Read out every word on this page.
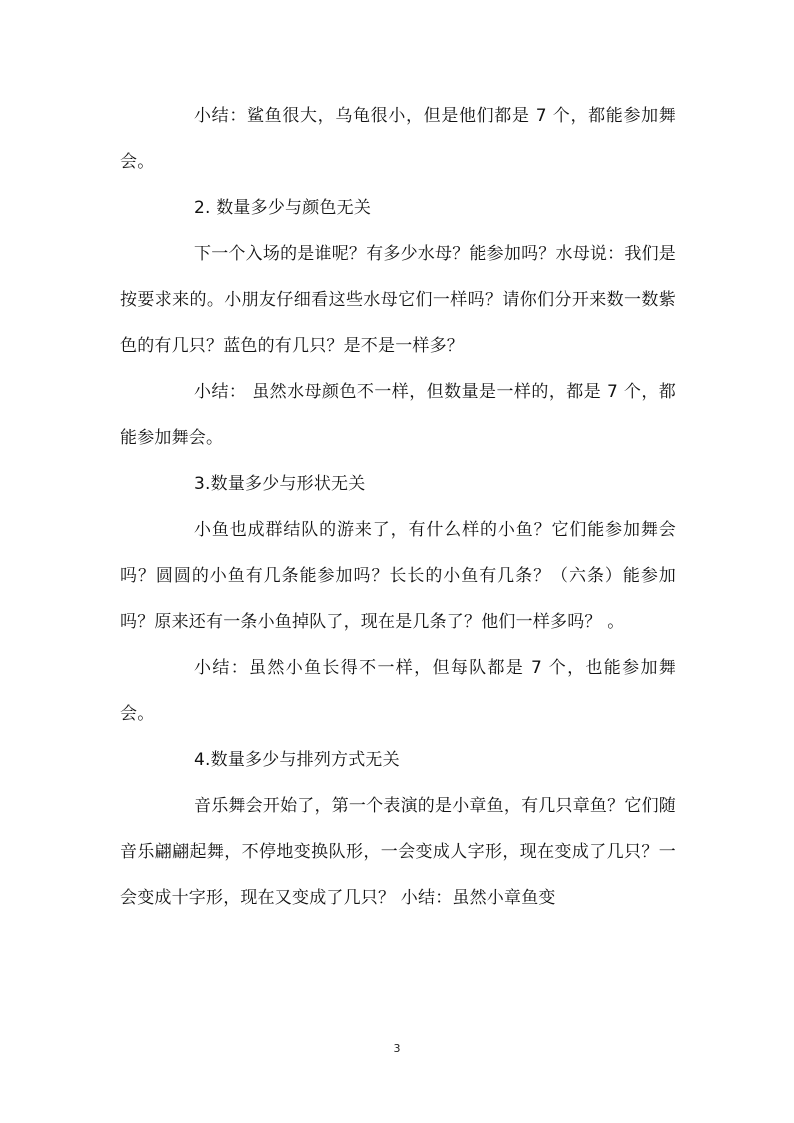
小结：鲨鱼很大，乌龟很小，但是他们都是 7 个，都能参加舞会。

2. 数量多少与颜色无关

下一个入场的是谁呢？有多少水母？能参加吗？水母说：我们是按要求来的。小朋友仔细看这些水母它们一样吗？请你们分开来数一数紫色的有几只？蓝色的有几只？是不是一样多？

小结： 虽然水母颜色不一样，但数量是一样的，都是 7 个，都能参加舞会。

3.数量多少与形状无关

小鱼也成群结队的游来了，有什么样的小鱼？它们能参加舞会吗？圆圆的小鱼有几条能参加吗？长长的小鱼有几条？（六条）能参加吗？原来还有一条小鱼掉队了，现在是几条了？他们一样多吗？ 。

小结：虽然小鱼长得不一样，但每队都是 7 个，也能参加舞会。

4.数量多少与排列方式无关

音乐舞会开始了，第一个表演的是小章鱼，有几只章鱼？它们随音乐翩翩起舞，不停地变换队形，一会变成人字形，现在变成了几只？一会变成十字形，现在又变成了几只？ 小结：虽然小章鱼变

3
